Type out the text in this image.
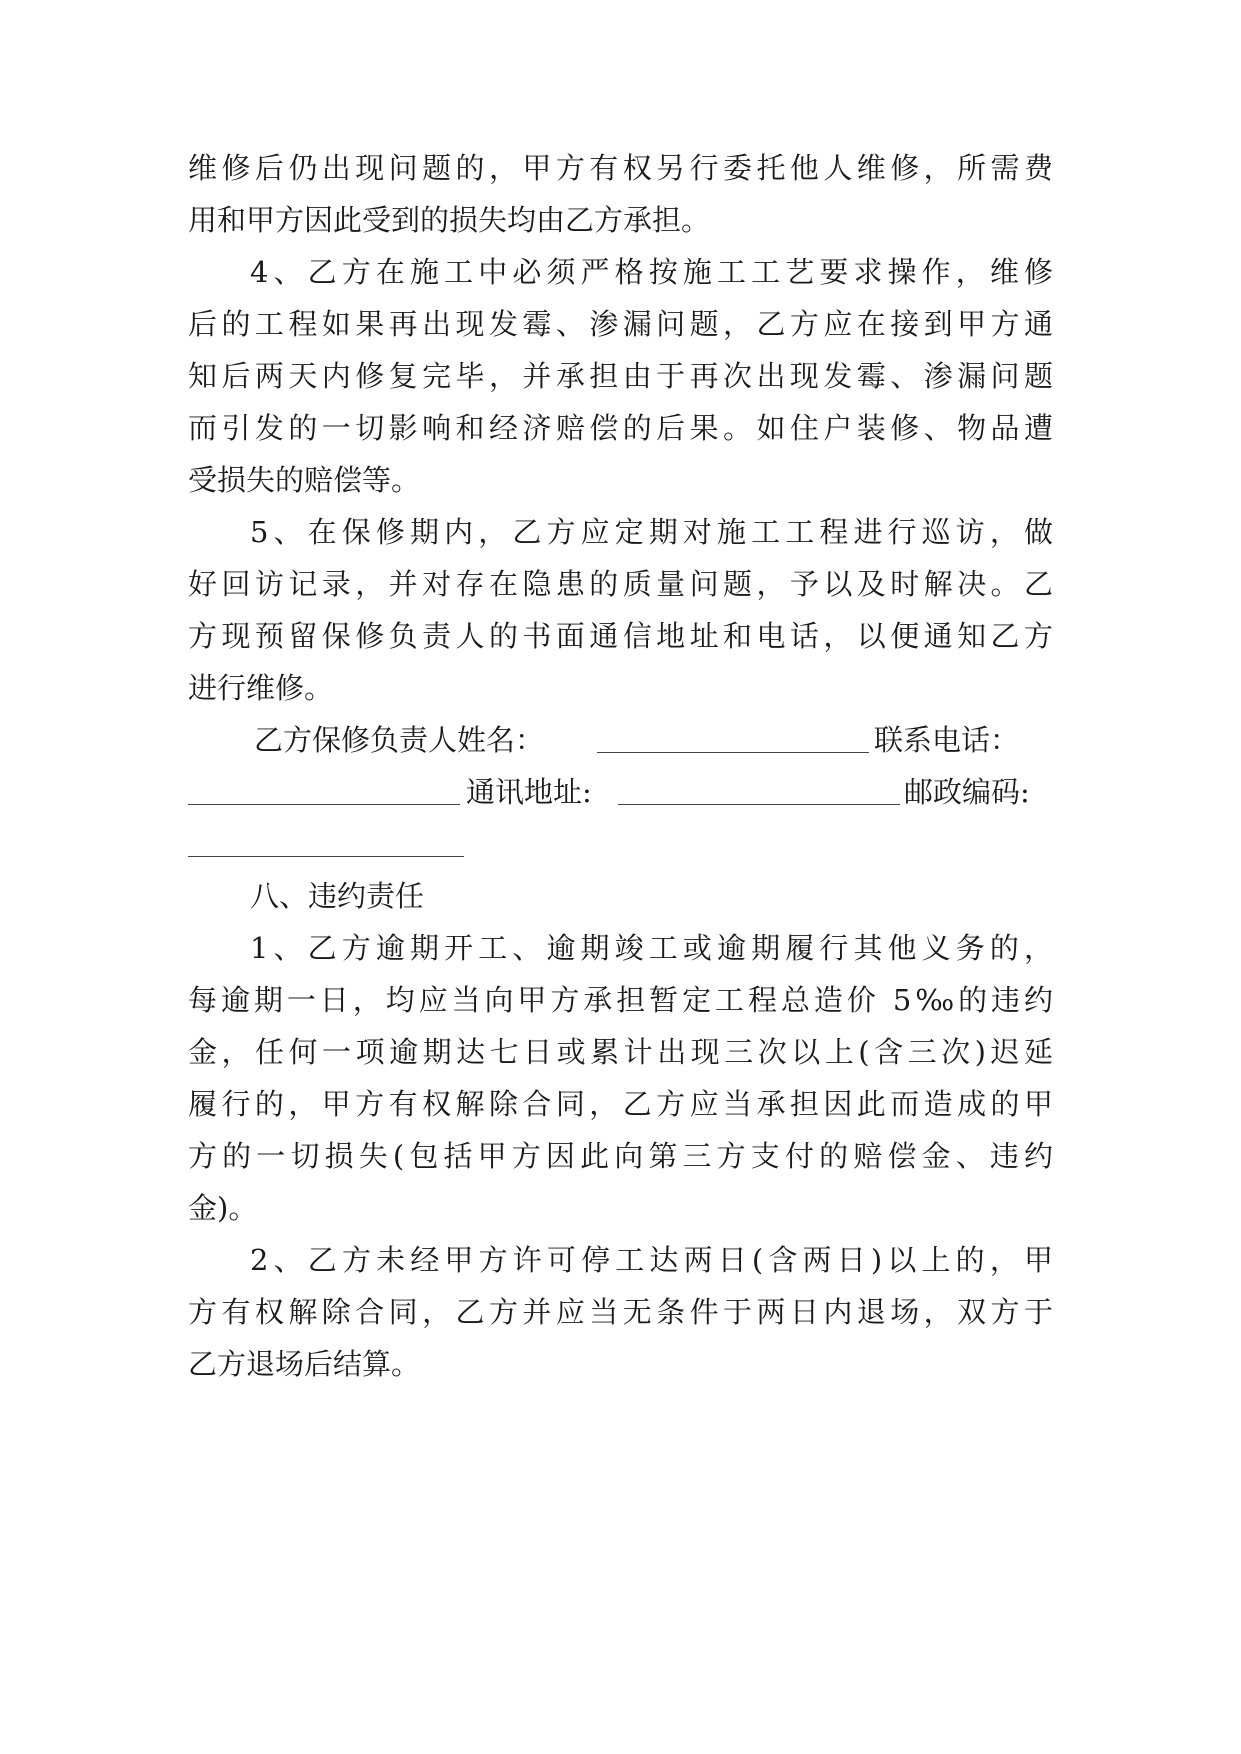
维修后仍出现问题的，甲方有权另行委托他人维修，所需费
用和甲方因此受到的损失均由乙方承担。
4、乙方在施工中必须严格按施工工艺要求操作，维修
后的工程如果再出现发霉、渗漏问题，乙方应在接到甲方通
知后两天内修复完毕，并承担由于再次出现发霉、渗漏问题
而引发的一切影响和经济赔偿的后果。如住户装修、物品遭
受损失的赔偿等。
5、在保修期内，乙方应定期对施工工程进行巡访，做
好回访记录，并对存在隐患的质量问题，予以及时解决。乙
方现预留保修负责人的书面通信地址和电话，以便通知乙方
进行维修。
乙方保修负责人姓名：	联系电话：
通讯地址:	邮政编码:
八、违约责任
1、乙方逾期开工、逾期竣工或逾期履行其他义务的，
每逾期一日，均应当向甲方承担暂定工程总造价 5‰的违约
金，任何一项逾期达七日或累计出现三次以上(含三次)迟延
履行的，甲方有权解除合同，乙方应当承担因此而造成的甲
方的一切损失(包括甲方因此向第三方支付的赔偿金、违约
金)。
2、乙方未经甲方许可停工达两日(含两日)以上的，甲
方有权解除合同，乙方并应当无条件于两日内退场，双方于
乙方退场后结算。
